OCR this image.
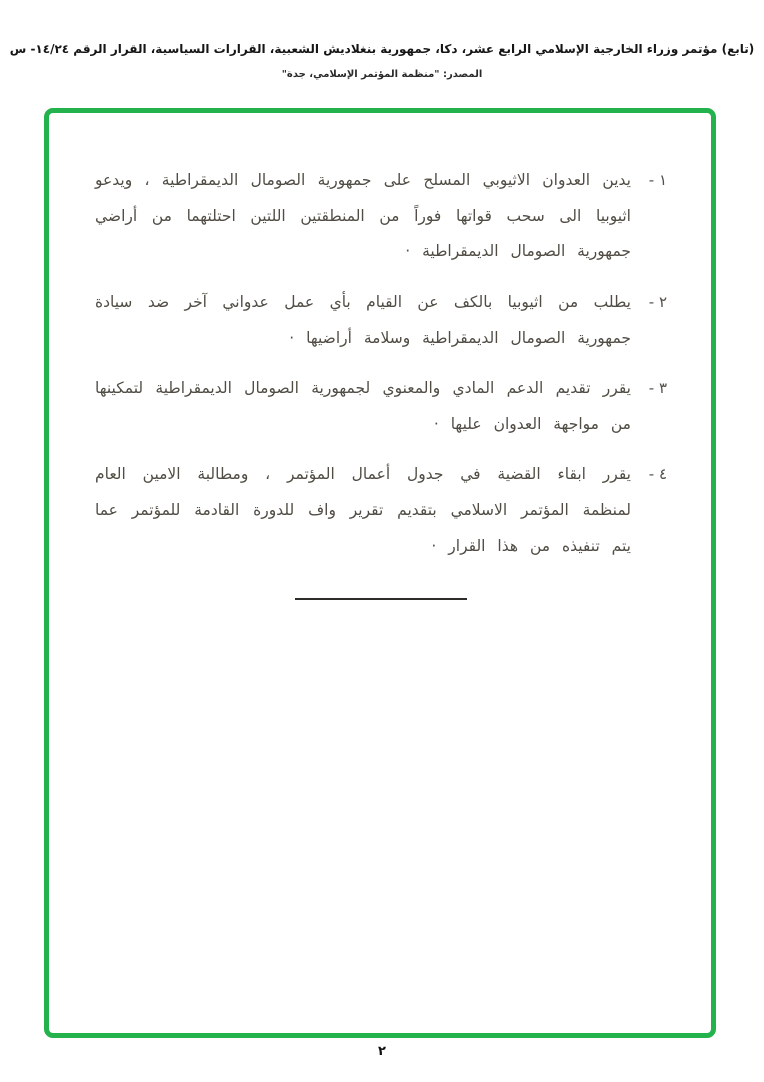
(تابع) مؤتمر وزراء الخارجية الإسلامي الرابع عشر، دكا، جمهورية بنغلاديش الشعبية، القرارات السياسية، القرار الرقم ١٤/٢٤- س
المصدر: "منظمة المؤتمر الإسلامي، جدة"
١ -

يدين العدوان الاثيوبي المسلح على جمهورية الصومال الديمقراطية ، ويدعو اثيوبيا الى سحب قواتها فوراً من المنطقتين اللتين احتلتهما من أراضي جمهورية الصومال الديمقراطية ·

٢ -

يطلب من اثيوبيا بالكف عن القيام بأي عمل عدواني آخر ضد سيادة جمهورية الصومال الديمقراطية وسلامة أراضيها ·

٣ -

يقرر تقديم الدعم المادي والمعنوي لجمهورية الصومال الديمقراطية لتمكينها من مواجهة العدوان عليها ·

٤ -

يقرر ابقاء القضية في جدول أعمال المؤتمر ، ومطالبة الامين العام لمنظمة المؤتمر الاسلامي بتقديم تقرير واف للدورة القادمة للمؤتمر عما يتم تنفيذه من هذا القرار ·

٢
